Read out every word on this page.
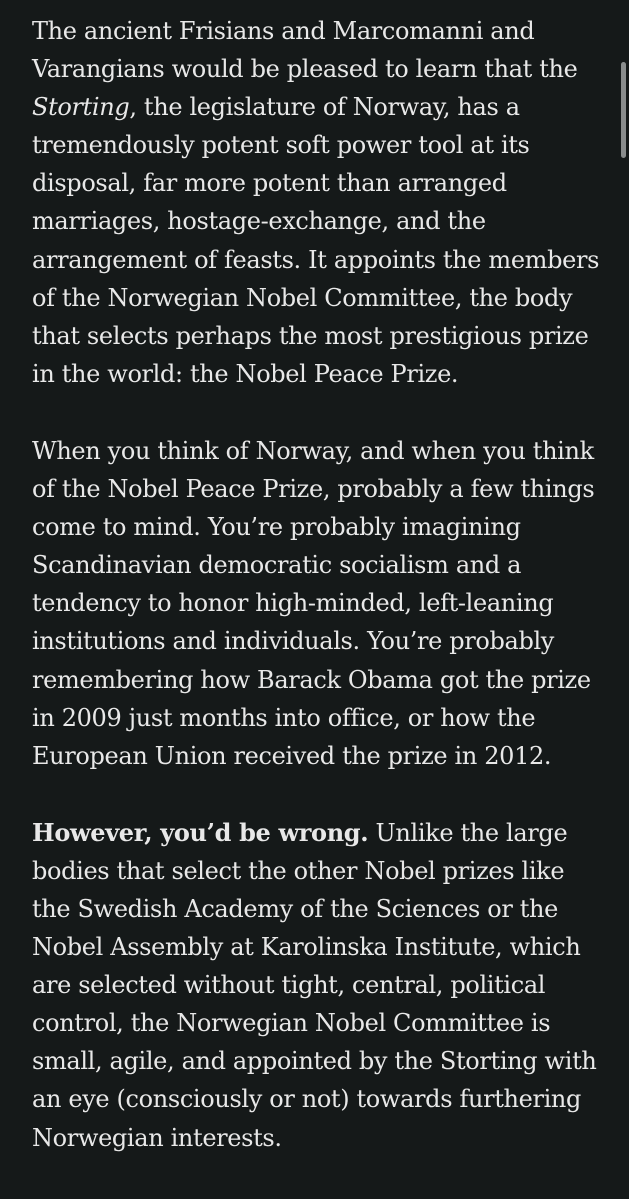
The ancient Frisians and Marcomanni and
Varangians would be pleased to learn that the
Storting, the legislature of Norway, has a
tremendously potent soft power tool at its
disposal, far more potent than arranged
marriages, hostage-exchange, and the
arrangement of feasts. It appoints the members
of the Norwegian Nobel Committee, the body
that selects perhaps the most prestigious prize
in the world: the Nobel Peace Prize.

When you think of Norway, and when you think
of the Nobel Peace Prize, probably a few things
come to mind. You’re probably imagining
Scandinavian democratic socialism and a
tendency to honor high-minded, left-leaning
institutions and individuals. You’re probably
remembering how Barack Obama got the prize
in 2009 just months into office, or how the
European Union received the prize in 2012.

However, you’d be wrong. Unlike the large
bodies that select the other Nobel prizes like
the Swedish Academy of the Sciences or the
Nobel Assembly at Karolinska Institute, which
are selected without tight, central, political
control, the Norwegian Nobel Committee is
small, agile, and appointed by the Storting with
an eye (consciously or not) towards furthering
Norwegian interests.
